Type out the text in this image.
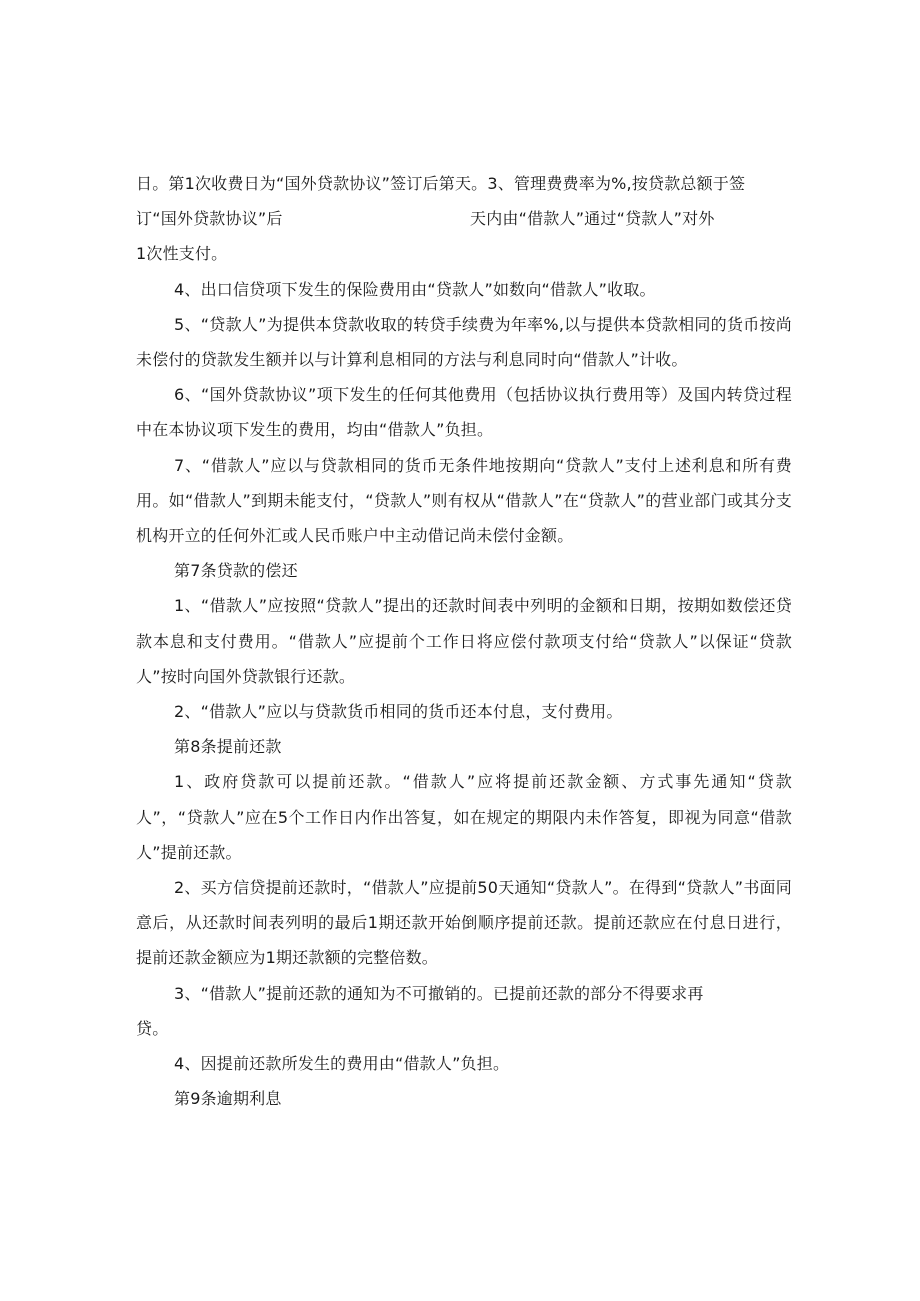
日。第1次收费日为“国外贷款协议”签订后第天。3、管理费费率为%,按贷款总额于签

订“国外贷款协议”后	天内由“借款人”通过“贷款人”对外

1次性支付。

4、出口信贷项下发生的保险费用由“贷款人”如数向“借款人”收取。

5、“贷款人”为提供本贷款收取的转贷手续费为年率%,以与提供本贷款相同的货币按尚未偿付的贷款发生额并以与计算利息相同的方法与利息同时向“借款人”计收。

6、“国外贷款协议”项下发生的任何其他费用（包括协议执行费用等）及国内转贷过程中在本协议项下发生的费用，均由“借款人”负担。

7、“借款人”应以与贷款相同的货币无条件地按期向“贷款人”支付上述利息和所有费用。如“借款人”到期未能支付，“贷款人”则有权从“借款人”在“贷款人”的营业部门或其分支机构开立的任何外汇或人民币账户中主动借记尚未偿付金额。

第7条贷款的偿还

1、“借款人”应按照“贷款人”提出的还款时间表中列明的金额和日期，按期如数偿还贷款本息和支付费用。“借款人”应提前个工作日将应偿付款项支付给“贷款人”以保证“贷款人”按时向国外贷款银行还款。

2、“借款人”应以与贷款货币相同的货币还本付息，支付费用。

第8条提前还款

1、政府贷款可以提前还款。“借款人”应将提前还款金额、方式事先通知“贷款人”，“贷款人”应在5个工作日内作出答复，如在规定的期限内未作答复，即视为同意“借款人”提前还款。

2、买方信贷提前还款时，“借款人”应提前50天通知“贷款人”。在得到“贷款人”书面同意后，从还款时间表列明的最后1期还款开始倒顺序提前还款。提前还款应在付息日进行，提前还款金额应为1期还款额的完整倍数。

3、“借款人”提前还款的通知为不可撤销的。已提前还款的部分不得要求再

贷。

4、因提前还款所发生的费用由“借款人”负担。

第9条逾期利息
